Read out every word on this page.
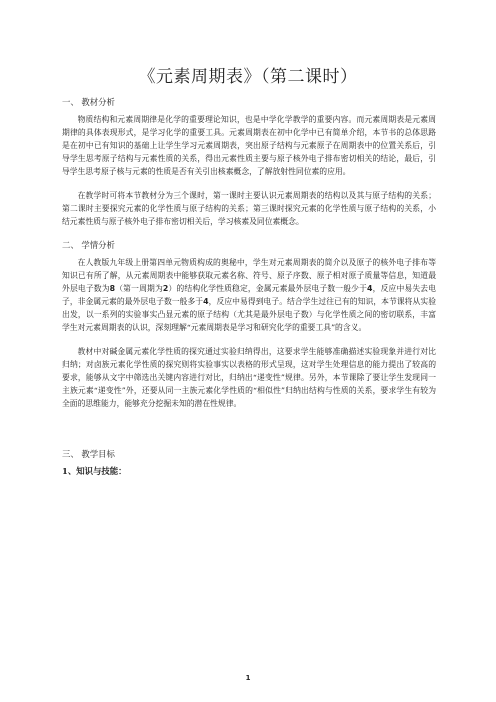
《元素周期表》（第二课时）
一、 教材分析

物质结构和元素周期律是化学的重要理论知识，也是中学化学教学的重要内容。而元素周期表是元素周期律的具体表现形式，是学习化学的重要工具。元素周期表在初中化学中已有简单介绍，本节书的总体思路是在初中已有知识的基础上让学生学习元素周期表，突出原子结构与元素原子在周期表中的位置关系后，引导学生思考原子结构与元素性质的关系，得出元素性质主要与原子核外电子排布密切相关的结论，最后，引导学生思考原子核与元素的性质是否有关引出核素概念，了解放射性同位素的应用。

在教学时可将本节教材分为三个课时，第一课时主要认识元素周期表的结构以及其与原子结构的关系；第二课时主要探究元素的化学性质与原子结构的关系；第三课时探究元素的化学性质与原子结构的关系，小结元素性质与原子核外电子排布密切相关后，学习核素及同位素概念。

二、 学情分析

在人教版九年级上册第四单元物质构成的奥秘中，学生对元素周期表的简介以及原子的核外电子排布等知识已有所了解，从元素周期表中能够获取元素名称、符号、原子序数、原子相对原子质量等信息，知道最外层电子数为8（第一周期为2）的结构化学性质稳定，金属元素最外层电子数一般少于4，反应中易失去电子，非金属元素的最外层电子数一般多于4，反应中易得到电子。结合学生过往已有的知识，本节课将从实验出发，以一系列的实验事实凸显元素的原子结构（尤其是最外层电子数）与化学性质之间的密切联系，丰富学生对元素周期表的认识，深刻理解“元素周期表是学习和研究化学的重要工具”的含义。

教材中对碱金属元素化学性质的探究通过实验归纳得出，这要求学生能够准确描述实验现象并进行对比归纳；对卤族元素化学性质的探究则将实验事实以表格的形式呈现，这对学生处理信息的能力提出了较高的要求，能够从文字中筛选出关键内容进行对比，归纳出“递变性”规律。另外，本节课除了要让学生发现同一主族元素“递变性”外，还要从同一主族元素化学性质的“相似性”归纳出结构与性质的关系，要求学生有较为全面的思维能力，能够充分挖掘未知的潜在性规律。

三、 教学目标
1、知识与技能：
1
